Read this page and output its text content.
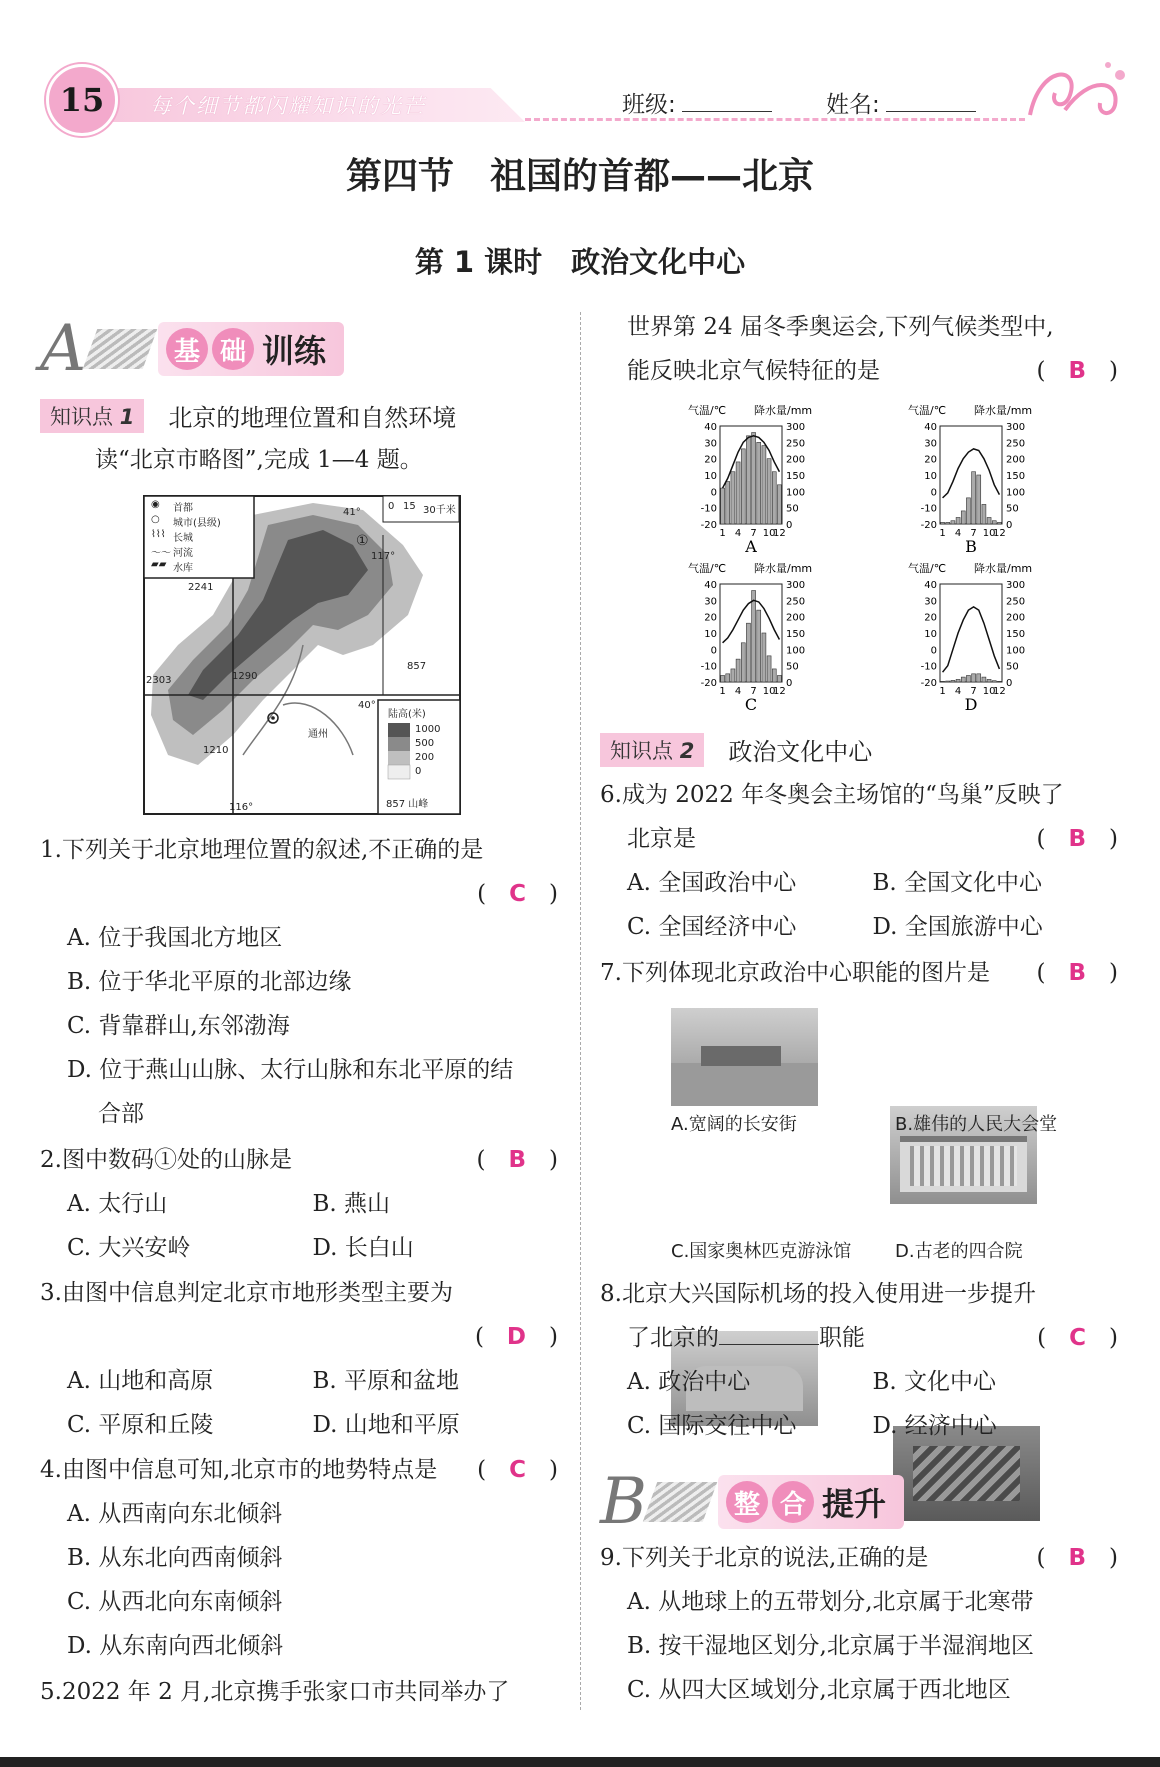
15	每个细节都闪耀知识的光芒	班级:	姓名:
第四节　祖国的首都——北京
第 1 课时　政治文化中心
A	基 础 训练
知识点 1	北京的地理位置和自然环境
读“北京市略图”,完成 1—4 题。
首都
城市(县级)
长城
河流
水库
◉
○
⌇⌇⌇
～～
▰▰
0 15 30千米
陆高(米)
1000
500
200
0
857 山峰
41°
①
117°
2241
2303	1290
857
40°
通州
1210
116°
1.下列关于北京地理位置的叙述,不正确的是
(　C　)
A. 位于我国北方地区
B. 位于华北平原的北部边缘
C. 背靠群山,东邻渤海
D. 位于燕山山脉、太行山脉和东北平原的结
合部
2.图中数码①处的山脉是	(　B　)
A. 太行山	B. 燕山
C. 大兴安岭	D. 长白山
3.由图中信息判定北京市地形类型主要为
(　D　)
A. 山地和高原	B. 平原和盆地
C. 平原和丘陵	D. 山地和平原
4.由图中信息可知,北京市的地势特点是 (　C　)
A. 从西南向东北倾斜
B. 从东北向西南倾斜
C. 从西北向东南倾斜
D. 从东南向西北倾斜
5.2022 年 2 月,北京携手张家口市共同举办了
世界第 24 届冬季奥运会,下列气候类型中,
能反映北京气候特征的是	(　B　)
气温/℃	降水量/mm
40
30
20
10
0
-10
-20
300
250
200
150
100
50
0
1 4 7 10
12
A
气温/℃	降水量/mm
40
30
20
10
0
-10
-20
300
250
200
150
100
50
0
1 4 7 10
12
B
气温/℃	降水量/mm
40
30
20
10
0
-10
-20
300
250
200
150
100
50
0
1 4 7 10
12
C
气温/℃	降水量/mm
40
30
20
10
0
-10
-20
300
250
200
150
100
50
0
1 4 7 10
12
D
知识点 2	政治文化中心
6.成为 2022 年冬奥会主场馆的“鸟巢”反映了
北京是	(　B　)
A. 全国政治中心	B. 全国文化中心
C. 全国经济中心	D. 全国旅游中心
7.下列体现北京政治中心职能的图片是 (　B　)
A.宽阔的长安街	B.雄伟的人民大会堂
C.国家奥林匹克游泳馆 D.古老的四合院
8.北京大兴国际机场的投入使用进一步提升
了北京的	职能	(　C　)
A. 政治中心	B. 文化中心
C. 国际交往中心	D. 经济中心
B	整 合 提升
9.下列关于北京的说法,正确的是	(　B　)
A. 从地球上的五带划分,北京属于北寒带
B. 按干湿地区划分,北京属于半湿润地区
C. 从四大区域划分,北京属于西北地区
